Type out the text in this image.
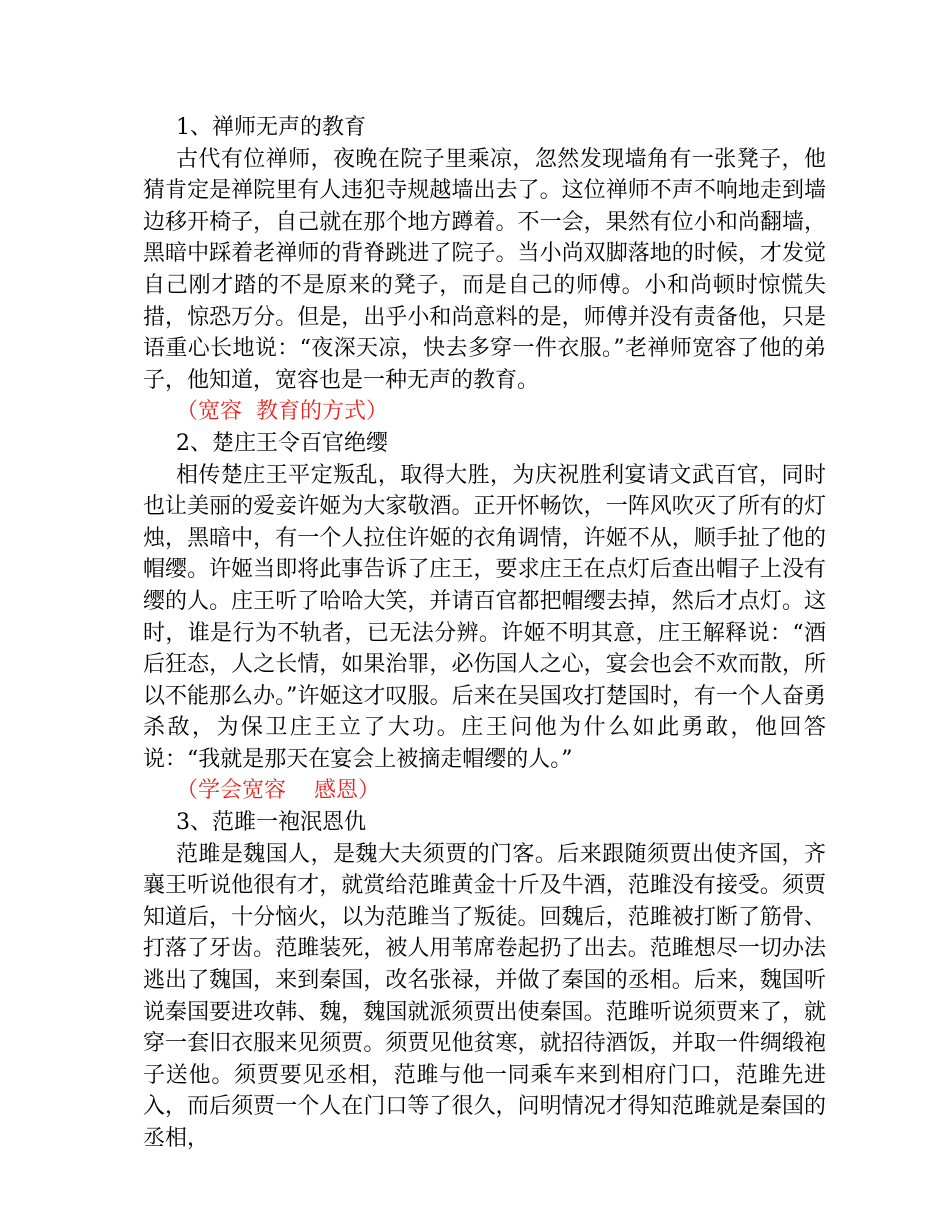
1、禅师无声的教育

古代有位禅师，夜晚在院子里乘凉，忽然发现墙角有一张凳子，他猜肯定是禅院里有人违犯寺规越墙出去了。这位禅师不声不响地走到墙边移开椅子，自己就在那个地方蹲着。不一会，果然有位小和尚翻墙，黑暗中踩着老禅师的背脊跳进了院子。当小尚双脚落地的时候，才发觉自己刚才踏的不是原来的凳子，而是自己的师傅。小和尚顿时惊慌失措，惊恐万分。但是，出乎小和尚意料的是，师傅并没有责备他，只是语重心长地说：“夜深天凉，快去多穿一件衣服。”老禅师宽容了他的弟子，他知道，宽容也是一种无声的教育。

（宽容  教育的方式）

2、楚庄王令百官绝缨

相传楚庄王平定叛乱，取得大胜，为庆祝胜利宴请文武百官，同时也让美丽的爱妾许姬为大家敬酒。正开怀畅饮，一阵风吹灭了所有的灯烛，黑暗中，有一个人拉住许姬的衣角调情，许姬不从，顺手扯了他的帽缨。许姬当即将此事告诉了庄王，要求庄王在点灯后查出帽子上没有缨的人。庄王听了哈哈大笑，并请百官都把帽缨去掉，然后才点灯。这时，谁是行为不轨者，已无法分辨。许姬不明其意，庄王解释说：“酒后狂态，人之长情，如果治罪，必伤国人之心，宴会也会不欢而散，所以不能那么办。”许姬这才叹服。后来在吴国攻打楚国时，有一个人奋勇杀敌，为保卫庄王立了大功。庄王问他为什么如此勇敢，他回答说：“我就是那天在宴会上被摘走帽缨的人。”

（学会宽容    感恩）

3、范雎一袍泯恩仇

范雎是魏国人，是魏大夫须贾的门客。后来跟随须贾出使齐国，齐襄王听说他很有才，就赏给范雎黄金十斤及牛酒，范雎没有接受。须贾知道后，十分恼火，以为范雎当了叛徒。回魏后，范雎被打断了筋骨、打落了牙齿。范雎装死，被人用苇席卷起扔了出去。范雎想尽一切办法逃出了魏国，来到秦国，改名张禄，并做了秦国的丞相。后来，魏国听说秦国要进攻韩、魏，魏国就派须贾出使秦国。范雎听说须贾来了，就穿一套旧衣服来见须贾。须贾见他贫寒，就招待酒饭，并取一件绸缎袍子送他。须贾要见丞相，范雎与他一同乘车来到相府门口，范雎先进入，而后须贾一个人在门口等了很久，问明情况才得知范雎就是秦国的丞相，
